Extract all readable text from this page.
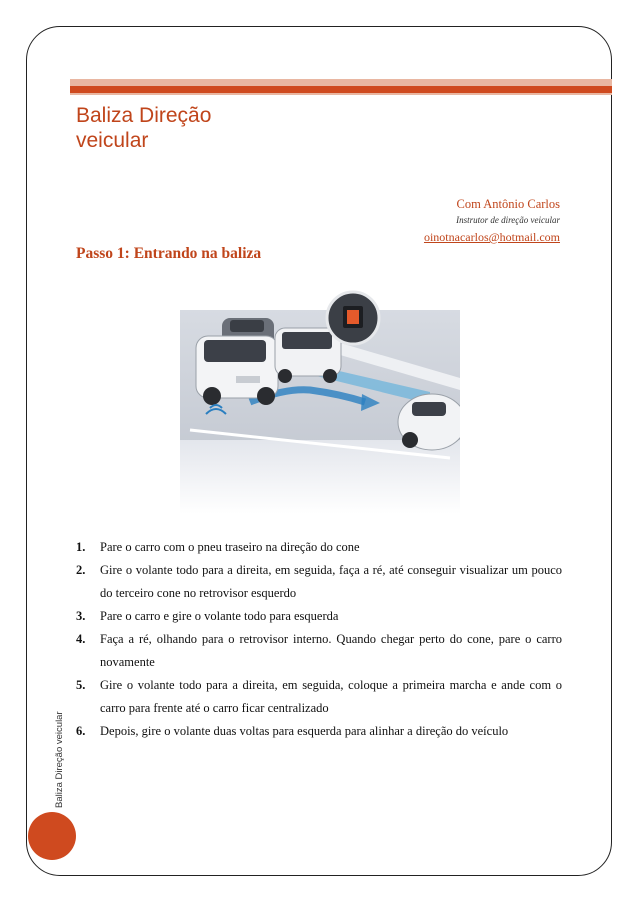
Baliza Direção
veicular
Com Antônio Carlos
Instrutor de direção veicular
oinotnacarlos@hotmail.com
Passo 1: Entrando na baliza
1.	Pare o carro com o pneu traseiro na direção do cone
2.	Gire o volante todo para a direita, em seguida, faça a ré, até conseguir visualizar um pouco do terceiro cone no retrovisor esquerdo
3.	Pare o carro e gire o volante todo para esquerda
4.	Faça a ré, olhando para o retrovisor interno. Quando chegar perto do cone, pare o carro novamente
5.	Gire o volante todo para a direita, em seguida, coloque a primeira marcha e ande com o carro para frente até o carro ficar centralizado
6.	Depois, gire o volante duas voltas para esquerda para alinhar a direção do veículo
Baliza Direção veicular
